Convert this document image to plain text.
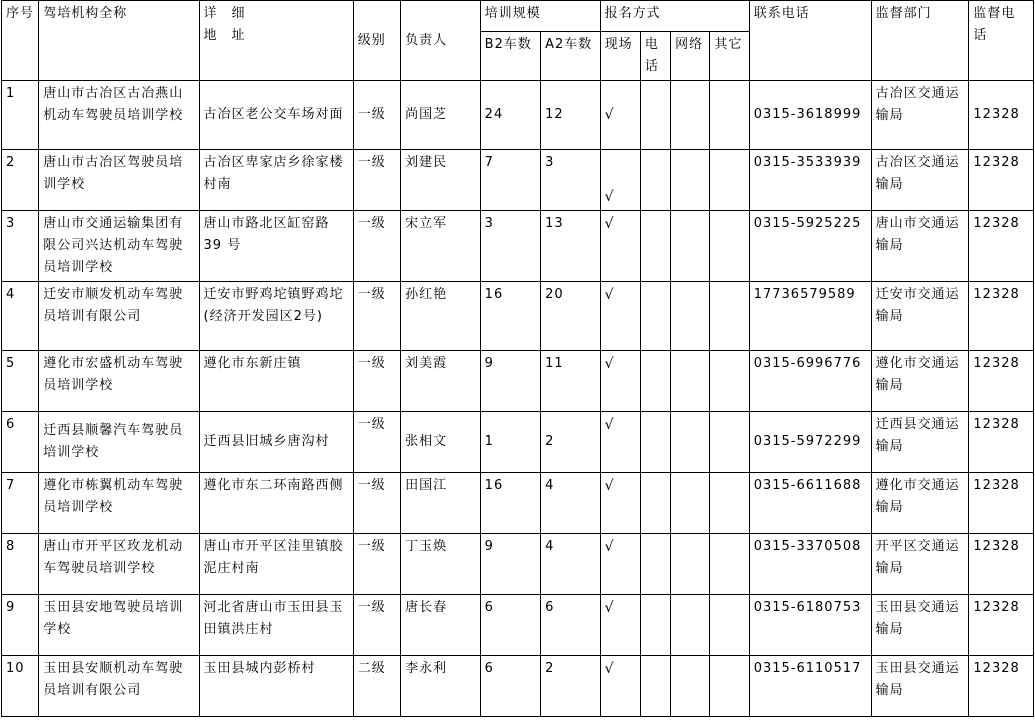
序号	驾培机构全称	详　细
地　址	级别	负责人	培训规模		报名方式				联系电话	监督部门	监督电话
					B2车数	A2车数	现场	电话	网络	其它			
1	唐山市古冶区古冶燕山机动车驾驶员培训学校	古冶区老公交车场对面	一级	尚国芝	24	12	√				0315-3618999	古冶区交通运输局	12328
2	唐山市古冶区驾驶员培训学校	古冶区卑家店乡徐家楼村南	一级	刘建民	7	3	√				0315-3533939	古冶区交通运输局	12328
3	唐山市交通运输集团有限公司兴达机动车驾驶员培训学校	唐山市路北区缸窑路 39 号	一级	宋立军	3	13	√				0315-5925225	唐山市交通运输局	12328
4	迁安市顺发机动车驾驶员培训有限公司	迁安市野鸡坨镇野鸡坨(经济开发园区2号)	一级	孙红艳	16	20	√				17736579589	迁安市交通运输局	12328
5	遵化市宏盛机动车驾驶员培训学校	遵化市东新庄镇	一级	刘美霞	9	11	√				0315-6996776	遵化市交通运输局	12328
6	迁西县顺馨汽车驾驶员培训学校	迁西县旧城乡唐沟村	一级	张相文	1	2	√				0315-5972299	迁西县交通运输局	12328
7	遵化市栋翼机动车驾驶员培训学校	遵化市东二环南路西侧	一级	田国江	16	4	√				0315-6611688	遵化市交通运输局	12328
8	唐山市开平区玫龙机动车驾驶员培训学校	唐山市开平区洼里镇胶泥庄村南	一级	丁玉焕	9	4	√				0315-3370508	开平区交通运输局	12328
9	玉田县安地驾驶员培训学校	河北省唐山市玉田县玉田镇洪庄村	一级	唐长春	6	6	√				0315-6180753	玉田县交通运输局	12328
10	玉田县安顺机动车驾驶员培训有限公司	玉田县城内彭桥村	二级	李永利	6	2	√				0315-6110517	玉田县交通运输局	12328
